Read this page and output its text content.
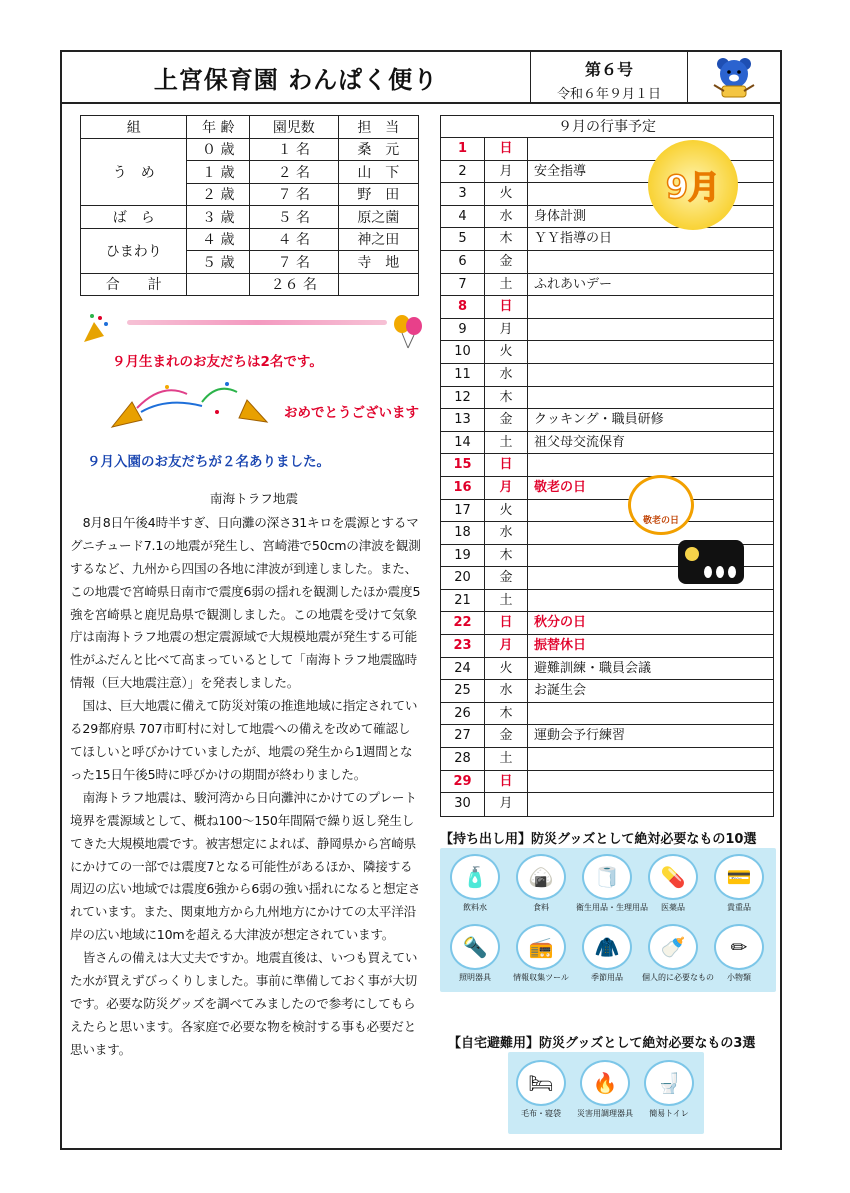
上宮保育園 わんぱく便り	第６号
令和６年９月１日
組	年 齢	園児数	担　当
う　め	０ 歳	１ 名	桑　元
	１ 歳	２ 名	山　下
	２ 歳	７ 名	野　田
ば　ら	３ 歳	５ 名	原之薗
ひまわり	４ 歳	４ 名	神之田
	５ 歳	７ 名	寺　地
合　　計		２６ 名	
９月生まれのお友だちは2名です。
おめでとうございます
９月入園のお友だちが２名ありました。
南海トラフ地震

8月8日午後4時半すぎ、日向灘の深さ31キロを震源とするマグニチュード7.1の地震が発生し、宮崎港で50cmの津波を観測するなど、九州から四国の各地に津波が到達しました。また、この地震で宮崎県日南市で震度6弱の揺れを観測したほか震度5強を宮崎県と鹿児島県で観測しました。この地震を受けて気象庁は南海トラフ地震の想定震源域で大規模地震が発生する可能性がふだんと比べて高まっているとして「南海トラフ地震臨時情報（巨大地震注意）」を発表しました。

国は、巨大地震に備えて防災対策の推進地域に指定されている29都府県 707市町村に対して地震への備えを改めて確認してほしいと呼びかけていましたが、地震の発生から1週間となった15日午後5時に呼びかけの期間が終わりました。

南海トラフ地震は、駿河湾から日向灘沖にかけてのプレート境界を震源域として、概ね100～150年間隔で繰り返し発生してきた大規模地震です。被害想定によれば、静岡県から宮崎県にかけての一部では震度7となる可能性があるほか、隣接する周辺の広い地域では震度6強から6弱の強い揺れになると想定されています。また、関東地方から九州地方にかけての太平洋沿岸の広い地域に10mを超える大津波が想定されています。

皆さんの備えは大丈夫ですか。地震直後は、いつも買えていた水が買えずびっくりしました。事前に準備しておく事が大切です。必要な防災グッズを調べてみましたので参考にしてもらえたらと思います。各家庭で必要な物を検討する事も必要だと思います。

９月の行事予定
1	日
2	月	安全指導
3	火
4	水	身体計測
5	木	ＹＹ指導の日
6	金
7	土	ふれあいデー
8	日
9	月
10	火
11	水
12	木
13	金	クッキング・職員研修
14	土	祖父母交流保育
15	日
16	月	敬老の日
17	火
18	水
19	木
20	金
21	土
22	日	秋分の日
23	月	振替休日
24	火	避難訓練・職員会議
25	水	お誕生会
26	木
27	金	運動会予行練習
28	土
29	日
30	月
9月
敬老の日
【持ち出し用】防災グッズとして絶対必要なもの10選
🧴
飲料水
🍙
食料
🧻
衛生用品・生理用品
💊
医薬品
💳
貴重品
🔦
照明器具
📻
情報収集ツール
🧥
季節用品
🍼
個人的に必要なもの
✏
小物類
【自宅避難用】防災グッズとして絶対必要なもの3選
🛏
毛布・寝袋
🔥
災害用調理器具
🚽
簡易トイレ
